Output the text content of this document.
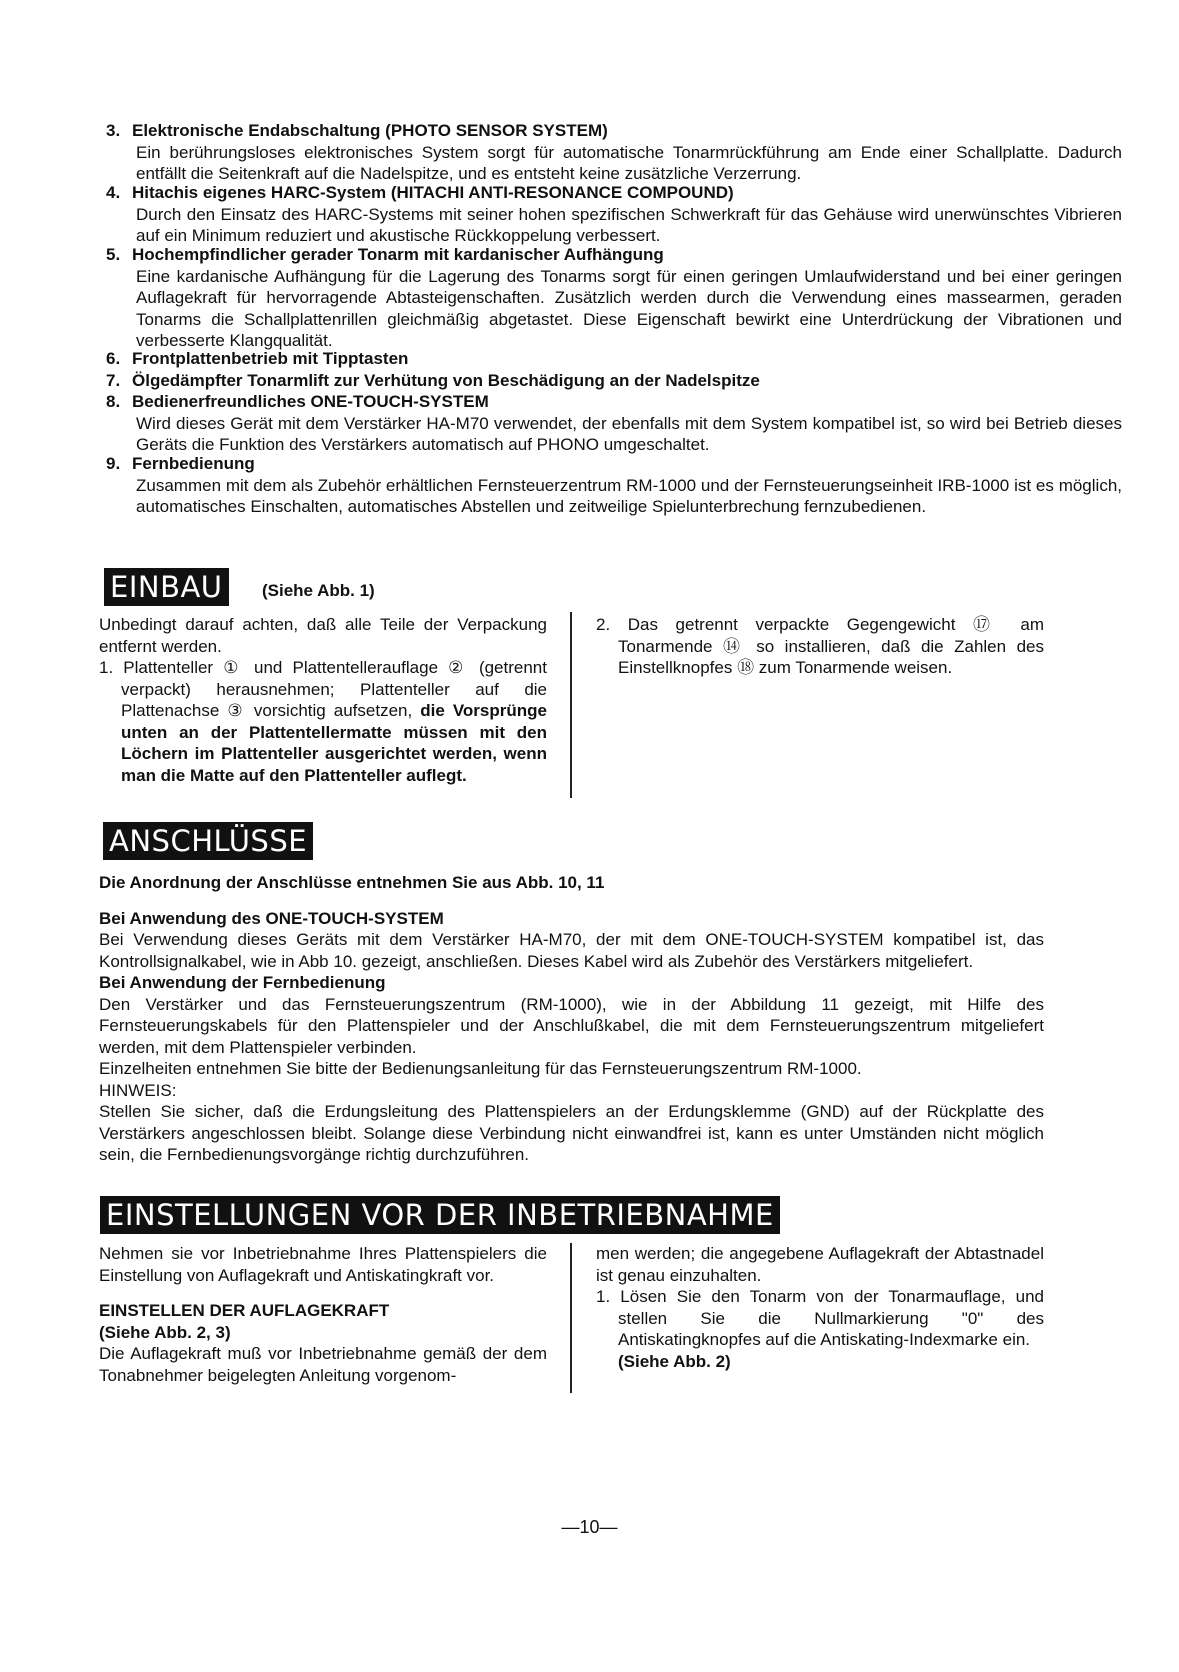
3. Elektronische Endabschaltung (PHOTO SENSOR SYSTEM)
Ein berührungsloses elektronisches System sorgt für automatische Tonarmrückführung am Ende einer Schallplatte. Dadurch entfällt die Seitenkraft auf die Nadelspitze, und es entsteht keine zusätzliche Verzerrung.
4. Hitachis eigenes HARC-System (HITACHI ANTI-RESONANCE COMPOUND)
Durch den Einsatz des HARC-Systems mit seiner hohen spezifischen Schwerkraft für das Gehäuse wird unerwünschtes Vibrieren auf ein Minimum reduziert und akustische Rückkoppelung verbessert.
5. Hochempfindlicher gerader Tonarm mit kardanischer Aufhängung
Eine kardanische Aufhängung für die Lagerung des Tonarms sorgt für einen geringen Umlaufwiderstand und bei einer geringen Auflagekraft für hervorragende Abtasteigenschaften. Zusätzlich werden durch die Verwendung eines massearmen, geraden Tonarms die Schallplattenrillen gleichmäßig abgetastet. Diese Eigenschaft bewirkt eine Unterdrückung der Vibrationen und verbesserte Klangqualität.
6. Frontplattenbetrieb mit Tipptasten
7. Ölgedämpfter Tonarmlift zur Verhütung von Beschädigung an der Nadelspitze
8. Bedienerfreundliches ONE-TOUCH-SYSTEM
Wird dieses Gerät mit dem Verstärker HA-M70 verwendet, der ebenfalls mit dem System kompatibel ist, so wird bei Betrieb dieses Geräts die Funktion des Verstärkers automatisch auf PHONO umgeschaltet.
9. Fernbedienung
Zusammen mit dem als Zubehör erhältlichen Fernsteuerzentrum RM-1000 und der Fernsteuerungseinheit IRB-1000 ist es möglich, automatisches Einschalten, automatisches Abstellen und zeitweilige Spielunterbrechung fernzubedienen.
EINBAU	(Siehe Abb. 1)

Unbedingt darauf achten, daß alle Teile der Verpackung entfernt werden.

1. Plattenteller ① und Plattentellerauflage ② (getrennt verpackt) herausnehmen; Plattenteller auf die Plattenachse ③ vorsichtig aufsetzen, die Vorsprünge unten an der Plattentellermatte müssen mit den Löchern im Plattenteller ausgerichtet werden, wenn man die Matte auf den Plattenteller auflegt.

2. Das getrennt verpackte Gegengewicht ⑰ am Tonarmende ⑭ so installieren, daß die Zahlen des Einstellknopfes ⑱ zum Tonarmende weisen.

ANSCHLÜSSE

Die Anordnung der Anschlüsse entnehmen Sie aus Abb. 10, 11

Bei Anwendung des ONE-TOUCH-SYSTEM

Bei Verwendung dieses Geräts mit dem Verstärker HA-M70, der mit dem ONE-TOUCH-SYSTEM kompatibel ist, das Kontrollsignalkabel, wie in Abb 10. gezeigt, anschließen. Dieses Kabel wird als Zubehör des Verstärkers mitgeliefert.

Bei Anwendung der Fernbedienung

Den Verstärker und das Fernsteuerungszentrum (RM-1000), wie in der Abbildung 11 gezeigt, mit Hilfe des Fernsteuerungskabels für den Plattenspieler und der Anschlußkabel, die mit dem Fernsteuerungszentrum mitgeliefert werden, mit dem Plattenspieler verbinden.

Einzelheiten entnehmen Sie bitte der Bedienungsanleitung für das Fernsteuerungszentrum RM-1000.

HINWEIS:

Stellen Sie sicher, daß die Erdungsleitung des Plattenspielers an der Erdungsklemme (GND) auf der Rückplatte des Verstärkers angeschlossen bleibt. Solange diese Verbindung nicht einwandfrei ist, kann es unter Umständen nicht möglich sein, die Fernbedienungsvorgänge richtig durchzuführen.

EINSTELLUNGEN VOR DER INBETRIEBNAHME

Nehmen sie vor Inbetriebnahme Ihres Plattenspielers die Einstellung von Auflagekraft und Antiskatingkraft vor.

EINSTELLEN DER AUFLAGEKRAFT

(Siehe Abb. 2, 3)

Die Auflagekraft muß vor Inbetriebnahme gemäß der dem Tonabnehmer beigelegten Anleitung vorgenom-

men werden; die angegebene Auflagekraft der Abtastnadel ist genau einzuhalten.

1. Lösen Sie den Tonarm von der Tonarmauflage, und stellen Sie die Nullmarkierung "0" des Antiskatingknopfes auf die Antiskating-Indexmarke ein.

(Siehe Abb. 2)

—10—
